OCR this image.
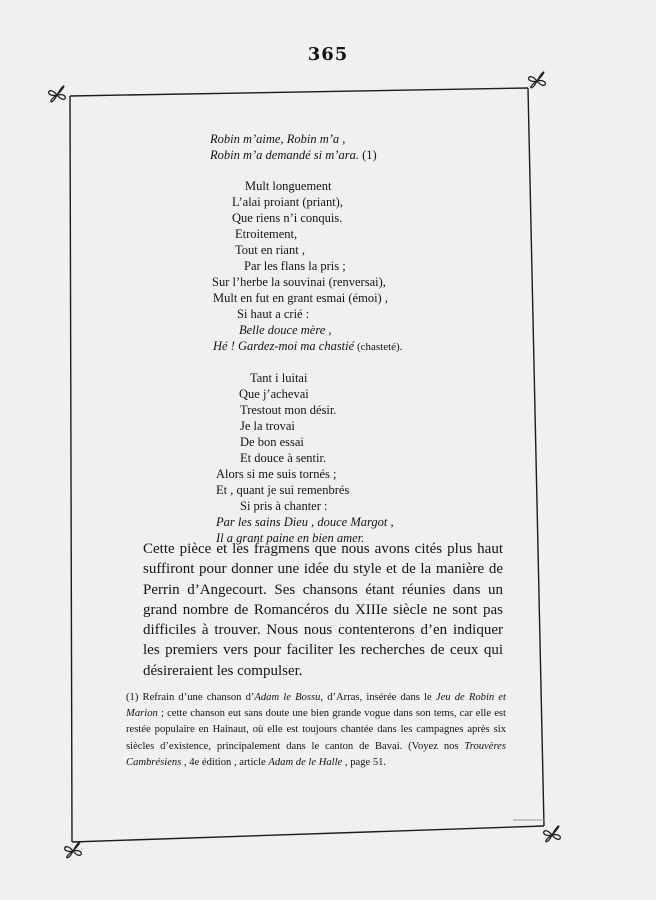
365
Robin m’aime, Robin m’a ,
Robin m’a demandé si m’ara. (1)
Mult longuement
L’alai proiant (priant),
Que riens n’i conquis.
Etroitement,
Tout en riant ,
Par les flans la pris ;
Sur l’herbe la souvinai (renversai),
Mult en fut en grant esmai (émoi) ,
Si haut a crié :
Belle douce mère ,
Hé ! Gardez-moi ma chastié (chasteté).
Tant i luitai
Que j’achevai
Trestout mon désir.
Je la trovai
De bon essai
Et douce à sentir.
Alors si me suis tornés ;
Et , quant je sui remenbrés
Si pris à chanter :
Par les sains Dieu , douce Margot ,
Il a grant paine en bien amer.

Cette pièce et les fragmens que nous avons cités plus haut suffiront pour donner une idée du style et de la manière de Perrin d’Angecourt. Ses chansons étant réunies dans un grand nombre de Romancéros du XIIIe siècle ne sont pas difficiles à trouver. Nous nous contenterons d’en indiquer les premiers vers pour faciliter les recherches de ceux qui désireraient les compulser.

(1) Refrain d’une chanson d’Adam le Bossu, d’Arras, insérée dans le Jeu de Robin et Marion ; cette chanson eut sans doute une bien grande vogue dans son tems, car elle est restée populaire en Hainaut, où elle est toujours chantée dans les campagnes après six siècles d’existence, principalement dans le canton de Bavai. (Voyez nos Trouvères Cambrésiens , 4e édition , article Adam de le Halle , page 51.
